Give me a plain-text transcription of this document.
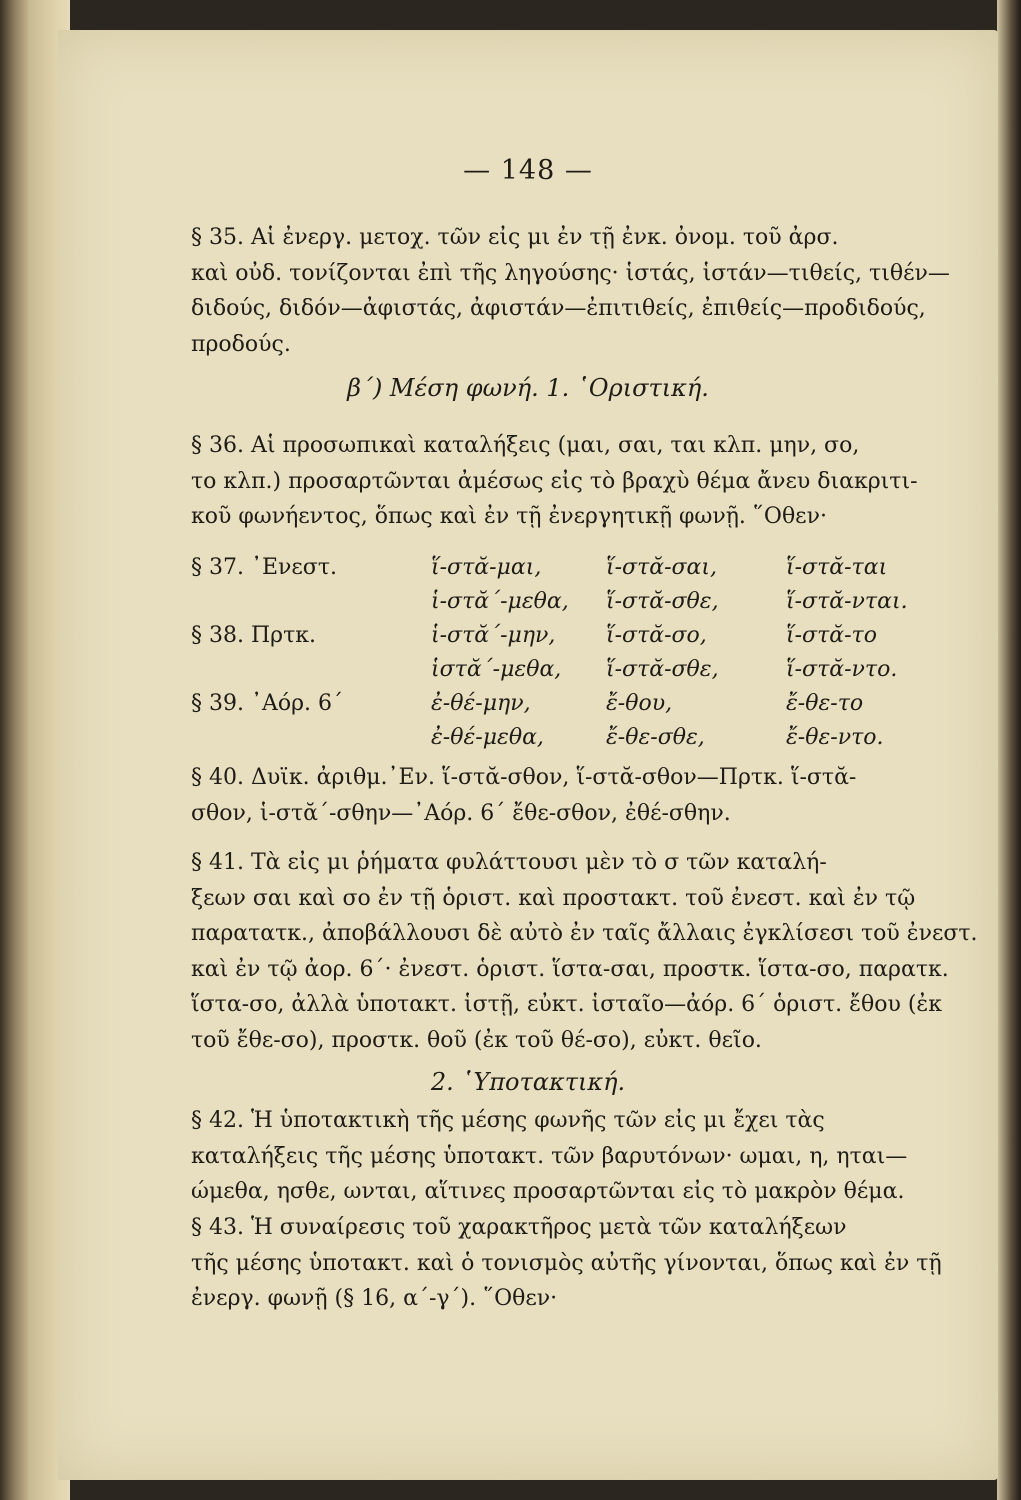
— 148 —
§ 35. Αἱ ἐνεργ. μετοχ. τῶν εἰς μι ἐν τῇ ἐνκ. ὀνομ. τοῦ ἀρσ.
καὶ οὐδ. τονίζονται ἐπὶ τῆς ληγούσης· ἱστάς, ἱστάν—τιθείς, τιθέν—
διδούς, διδόν—ἀφιστάς, ἀφιστάν—ἐπιτιθείς, ἐπιθείς—προδιδούς,
προδούς.
β΄) Μέση φωνή. 1. ῾Οριστική.
§ 36. Αἱ προσωπικαὶ καταλήξεις (μαι, σαι, ται κλπ. μην, σο,
το κλπ.) προσαρτῶνται ἀμέσως εἰς τὸ βραχὺ θέμα ἄνευ διακριτι-
κοῦ φωνήεντος, ὅπως καὶ ἐν τῇ ἐνεργητικῇ φωνῇ. ῞Οθεν·
§ 37. ᾿Ενεστ.	ἵ-στᾰ-μαι,	ἵ-στᾰ-σαι,	ἵ-στᾰ-ται
	ἱ-στᾰ΄-μεθα,	ἵ-στᾰ-σθε,	ἵ-στᾰ-νται.
§ 38. Πρτκ.	ἱ-στᾰ΄-μην,	ἵ-στᾰ-σο,	ἵ-στᾰ-το
	ἱστᾰ΄-μεθα,	ἵ-στᾰ-σθε,	ἵ-στᾰ-ντο.
§ 39. ᾿Αόρ. 6΄	ἐ-θέ-μην,	ἔ-θου,	ἔ-θε-το
	ἐ-θέ-μεθα,	ἔ-θε-σθε,	ἔ-θε-ντο.
§ 40. Δυϊκ. ἀριθμ.᾿Εν. ἵ-στᾰ-σθον, ἵ-στᾰ-σθον—Πρτκ. ἵ-στᾰ-
σθον, ἱ-στᾰ΄-σθην—᾿Αόρ. 6΄ ἔθε-σθον, ἐθέ-σθην.
§ 41. Τὰ εἰς μι ῥήματα φυλάττουσι μὲν τὸ σ τῶν καταλή-
ξεων σαι καὶ σο ἐν τῇ ὁριστ. καὶ προστακτ. τοῦ ἐνεστ. καὶ ἐν τῷ
παρατατκ., ἀποβάλλουσι δὲ αὐτὸ ἐν ταῖς ἄλλαις ἐγκλίσεσι τοῦ ἐνεστ.
καὶ ἐν τῷ ἀορ. 6΄· ἐνεστ. ὁριστ. ἵστα-σαι, προστκ. ἵστα-σο, παρατκ.
ἵστα-σο, ἀλλὰ ὑποτακτ. ἱστῇ, εὐκτ. ἱσταῖο—ἀόρ. 6΄ ὁριστ. ἔθου (ἐκ
τοῦ ἔθε-σο), προστκ. θοῦ (ἐκ τοῦ θέ-σο), εὐκτ. θεῖο.
2. ῾Υποτακτική.
§ 42. Ἡ ὑποτακτικὴ τῆς μέσης φωνῆς τῶν εἰς μι ἔχει τὰς
καταλήξεις τῆς μέσης ὑποτακτ. τῶν βαρυτόνων· ωμαι, η, ηται—
ώμεθα, ησθε, ωνται, αἵτινες προσαρτῶνται εἰς τὸ μακρὸν θέμα.
§ 43. Ἡ συναίρεσις τοῦ χαρακτῆρος μετὰ τῶν καταλήξεων
τῆς μέσης ὑποτακτ. καὶ ὁ τονισμὸς αὐτῆς γίνονται, ὅπως καὶ ἐν τῇ
ἐνεργ. φωνῇ (§ 16, α΄-γ΄). ῞Οθεν·
